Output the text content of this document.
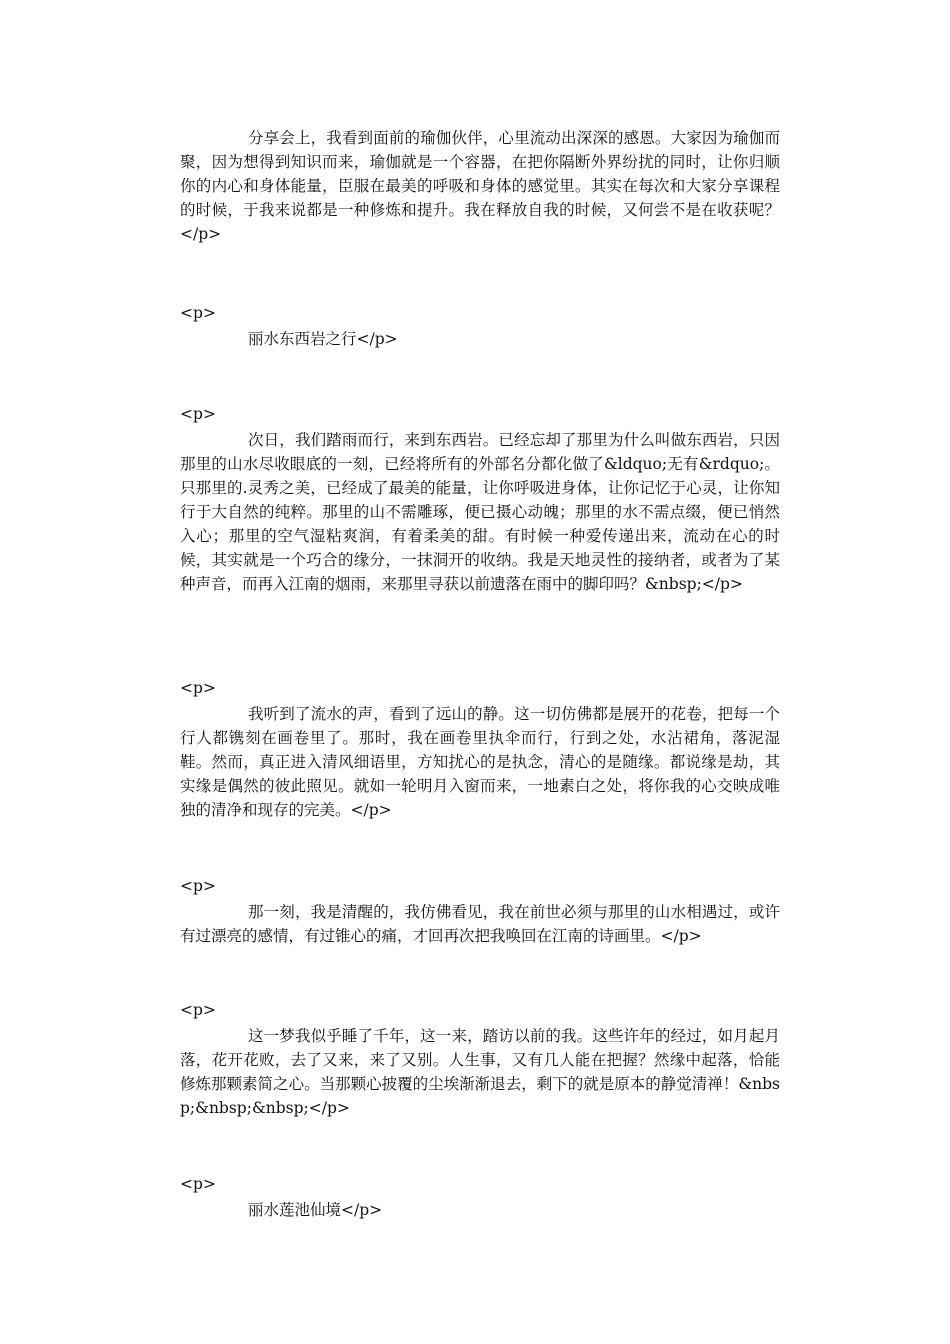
分享会上，我看到面前的瑜伽伙伴，心里流动出深深的感恩。大家因为瑜伽而聚，因为想得到知识而来，瑜伽就是一个容器，在把你隔断外界纷扰的同时，让你归顺你的内心和身体能量，臣服在最美的呼吸和身体的感觉里。其实在每次和大家分享课程的时候，于我来说都是一种修炼和提升。我在释放自我的时候，又何尝不是在收获呢？</p>
<p>
丽水东西岩之行</p>
<p>
次日，我们踏雨而行，来到东西岩。已经忘却了那里为什么叫做东西岩，只因那里的山水尽收眼底的一刻，已经将所有的外部名分都化做了&ldquo;无有&rdquo;。只那里的.灵秀之美，已经成了最美的能量，让你呼吸进身体，让你记忆于心灵，让你知行于大自然的纯粹。那里的山不需雕琢，便已摄心动魄；那里的水不需点缀，便已悄然入心；那里的空气湿粘爽润，有着柔美的甜。有时候一种爱传递出来，流动在心的时候，其实就是一个巧合的缘分，一抹洞开的收纳。我是天地灵性的接纳者，或者为了某种声音，而再入江南的烟雨，来那里寻获以前遗落在雨中的脚印吗？&nbsp;</p>
<p>
我听到了流水的声，看到了远山的静。这一切仿佛都是展开的花卷，把每一个行人都镌刻在画卷里了。那时，我在画卷里执伞而行，行到之处，水沾裙角，落泥湿鞋。然而，真正进入清风细语里，方知扰心的是执念，清心的是随缘。都说缘是劫，其实缘是偶然的彼此照见。就如一轮明月入窗而来，一地素白之处，将你我的心交映成唯独的清净和现存的完美。</p>
<p>
那一刻，我是清醒的，我仿佛看见，我在前世必须与那里的山水相遇过，或许有过漂亮的感情，有过锥心的痛，才回再次把我唤回在江南的诗画里。</p>
<p>
这一梦我似乎睡了千年，这一来，踏访以前的我。这些许年的经过，如月起月落，花开花败，去了又来，来了又别。人生事，又有几人能在把握？然缘中起落，恰能修炼那颗素简之心。当那颗心披覆的尘埃渐渐退去，剩下的就是原本的静觉清禅！&nbsp;&nbsp;&nbsp;</p>
<p>
丽水莲池仙境</p>
